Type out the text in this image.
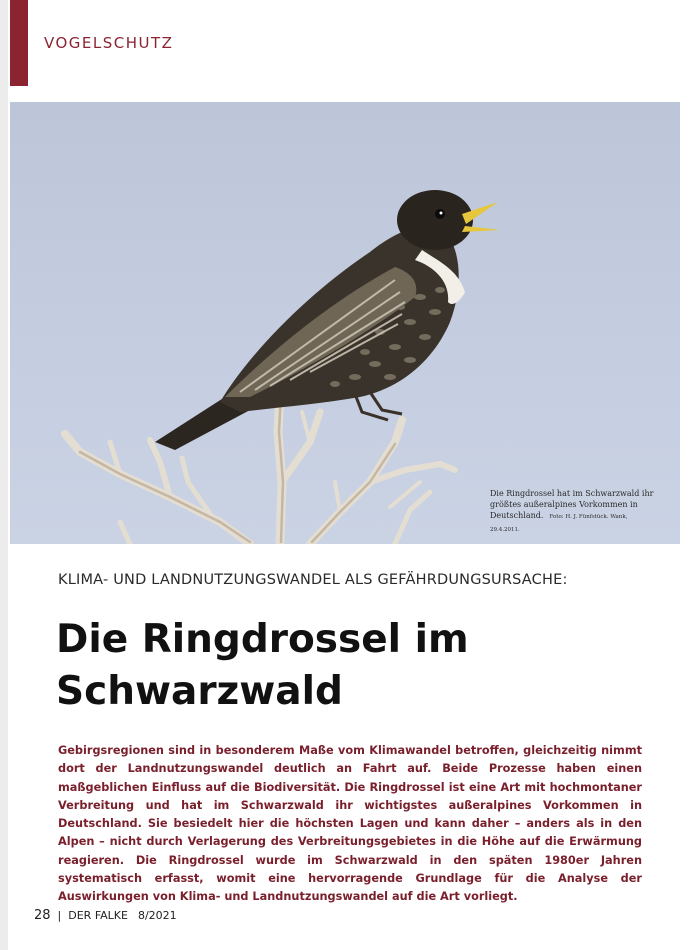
VOGELSCHUTZ
Die Ringdrossel hat im Schwarzwald ihr größtes außeralpines Vorkommen in Deutschland. Foto: H. J. Fünfstück. Wank, 29.4.2011.
KLIMA- UND LANDNUTZUNGSWANDEL ALS GEFÄHRDUNGSURSACHE:
Die Ringdrossel im
Schwarzwald
Gebirgsregionen sind in besonderem Maße vom Klimawandel betroffen, gleichzeitig nimmt dort der Landnutzungswandel deutlich an Fahrt auf. Beide Prozesse haben einen maßgeblichen Einfluss auf die Biodiversität. Die Ringdrossel ist eine Art mit hochmontaner Verbreitung und hat im Schwarzwald ihr wichtigstes außeralpines Vorkommen in Deutschland. Sie besiedelt hier die höchsten Lagen und kann daher – anders als in den Alpen – nicht durch Verlagerung des Verbreitungsgebietes in die Höhe auf die Erwärmung reagieren. Die Ringdrossel wurde im Schwarzwald in den späten 1980er Jahren systematisch erfasst, womit eine hervorragende Grundlage für die Analyse der Auswirkungen von Klima- und Landnutzungswandel auf die Art vorliegt.
28 | DER FALKE 8/2021
